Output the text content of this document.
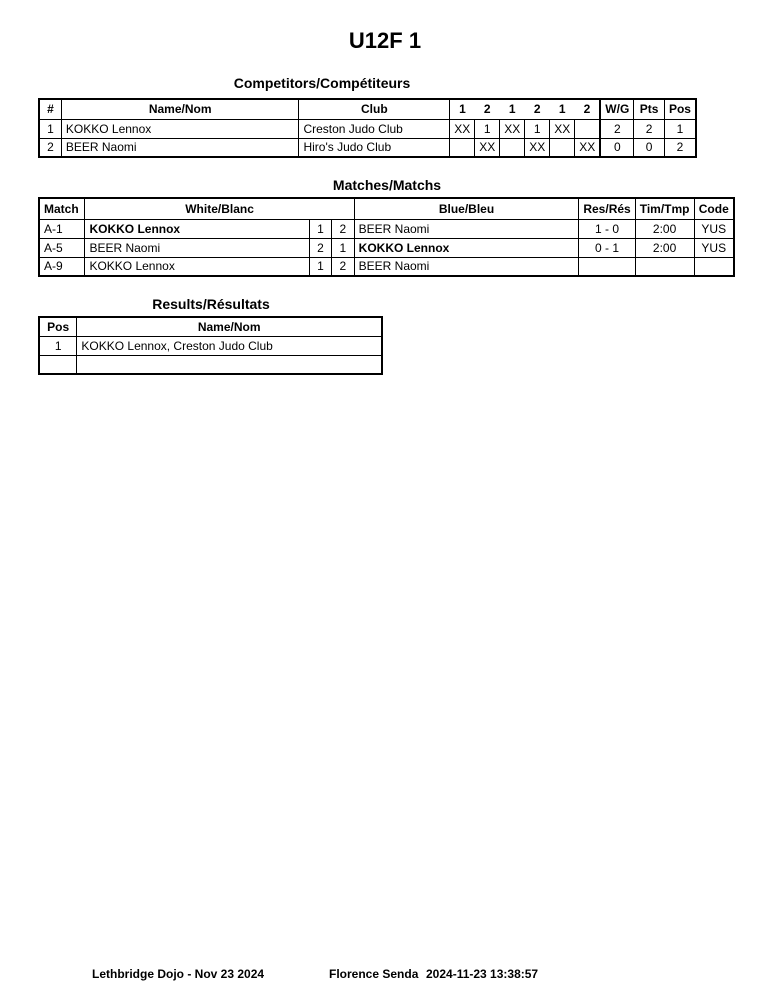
U12F 1
Competitors/Compétiteurs
#	Name/Nom	Club	1	2	1	2	1	2	W/G	Pts	Pos
1	KOKKO Lennox	Creston Judo Club	XX	1	XX	1	XX		2	2	1
2	BEER Naomi	Hiro's Judo Club		XX		XX		XX	0	0	2
Matches/Matchs
Match	White/Blanc			Blue/Bleu	Res/Rés	Tim/Tmp	Code
A-1	KOKKO Lennox	1	2	BEER Naomi	1 - 0	2:00	YUS
A-5	BEER Naomi	2	1	KOKKO Lennox	0 - 1	2:00	YUS
A-9	KOKKO Lennox	1	2	BEER Naomi			
Results/Résultats
Pos	Name/Nom
1	KOKKO Lennox, Creston Judo Club

Lethbridge Dojo - Nov 23 2024	Florence Senda 2024-11-23 13:38:57
